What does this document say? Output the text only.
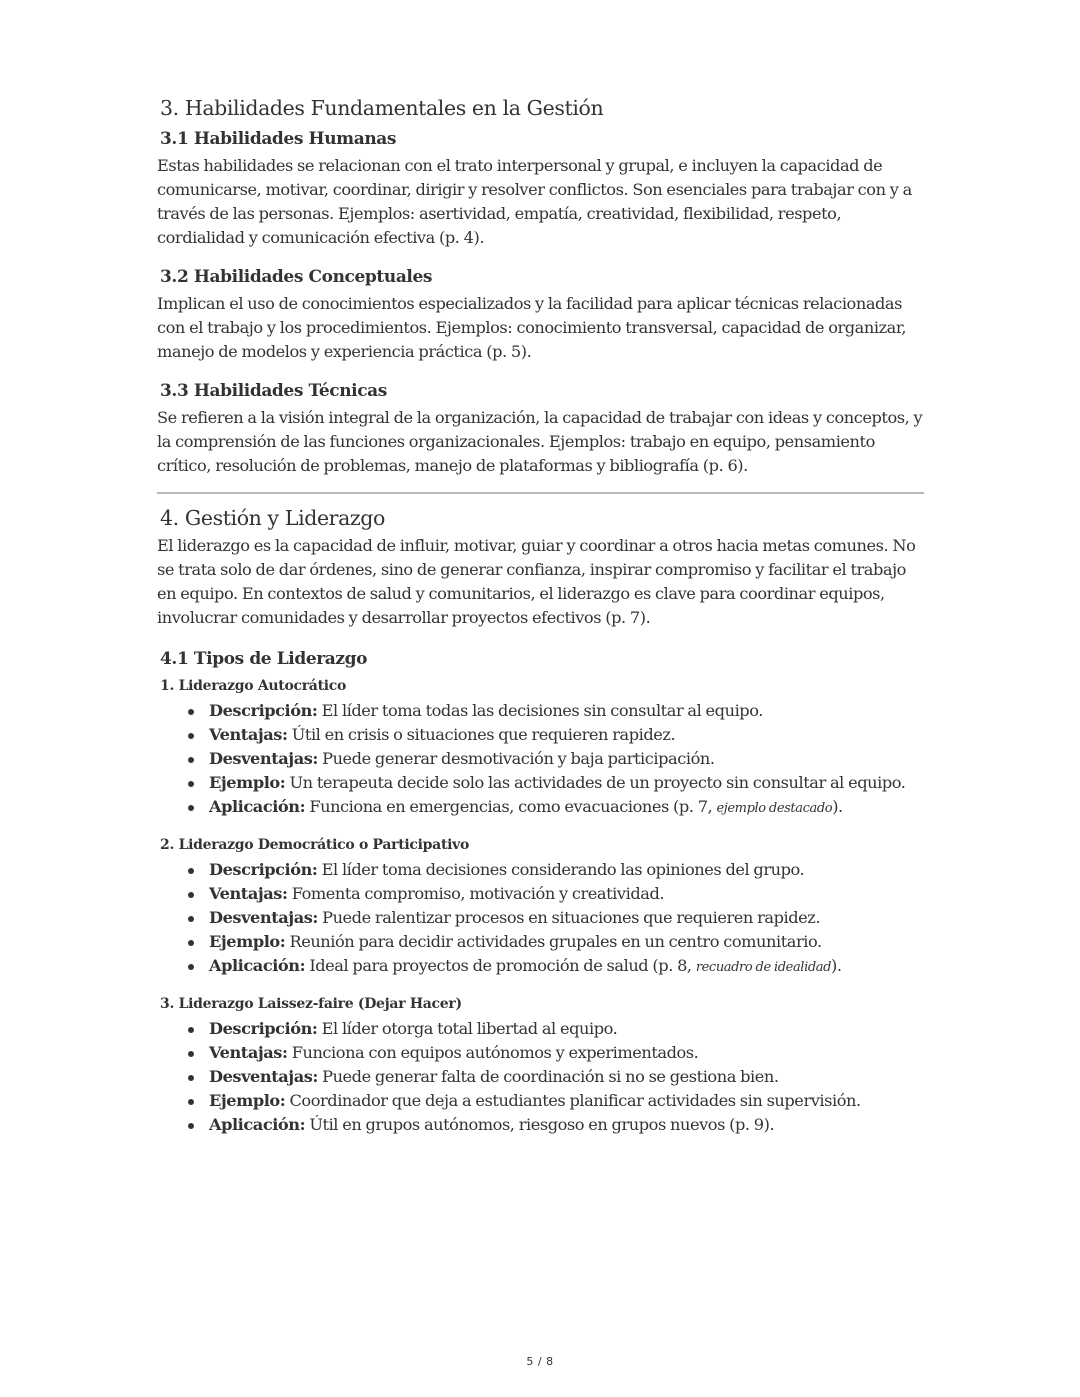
3. Habilidades Fundamentales en la Gestión
3.1 Habilidades Humanas

Estas habilidades se relacionan con el trato interpersonal y grupal, e incluyen la capacidad de comunicarse, motivar, coordinar, dirigir y resolver conflictos. Son esenciales para trabajar con y a través de las personas. Ejemplos: asertividad, empatía, creatividad, flexibilidad, respeto, cordialidad y comunicación efectiva (p. 4).

3.2 Habilidades Conceptuales

Implican el uso de conocimientos especializados y la facilidad para aplicar técnicas relacionadas con el trabajo y los procedimientos. Ejemplos: conocimiento transversal, capacidad de organizar, manejo de modelos y experiencia práctica (p. 5).

3.3 Habilidades Técnicas

Se refieren a la visión integral de la organización, la capacidad de trabajar con ideas y conceptos, y la comprensión de las funciones organizacionales. Ejemplos: trabajo en equipo, pensamiento crítico, resolución de problemas, manejo de plataformas y bibliografía (p. 6).

4. Gestión y Liderazgo

El liderazgo es la capacidad de influir, motivar, guiar y coordinar a otros hacia metas comunes. No se trata solo de dar órdenes, sino de generar confianza, inspirar compromiso y facilitar el trabajo en equipo. En contextos de salud y comunitarios, el liderazgo es clave para coordinar equipos, involucrar comunidades y desarrollar proyectos efectivos (p. 7).

4.1 Tipos de Liderazgo
1. Liderazgo Autocrático
Descripción: El líder toma todas las decisiones sin consultar al equipo.
Ventajas: Útil en crisis o situaciones que requieren rapidez.
Desventajas: Puede generar desmotivación y baja participación.
Ejemplo: Un terapeuta decide solo las actividades de un proyecto sin consultar al equipo.
Aplicación: Funciona en emergencias, como evacuaciones (p. 7, ejemplo destacado).
2. Liderazgo Democrático o Participativo
Descripción: El líder toma decisiones considerando las opiniones del grupo.
Ventajas: Fomenta compromiso, motivación y creatividad.
Desventajas: Puede ralentizar procesos en situaciones que requieren rapidez.
Ejemplo: Reunión para decidir actividades grupales en un centro comunitario.
Aplicación: Ideal para proyectos de promoción de salud (p. 8, recuadro de idealidad).
3. Liderazgo Laissez-faire (Dejar Hacer)
Descripción: El líder otorga total libertad al equipo.
Ventajas: Funciona con equipos autónomos y experimentados.
Desventajas: Puede generar falta de coordinación si no se gestiona bien.
Ejemplo: Coordinador que deja a estudiantes planificar actividades sin supervisión.
Aplicación: Útil en grupos autónomos, riesgoso en grupos nuevos (p. 9).
5 / 8
